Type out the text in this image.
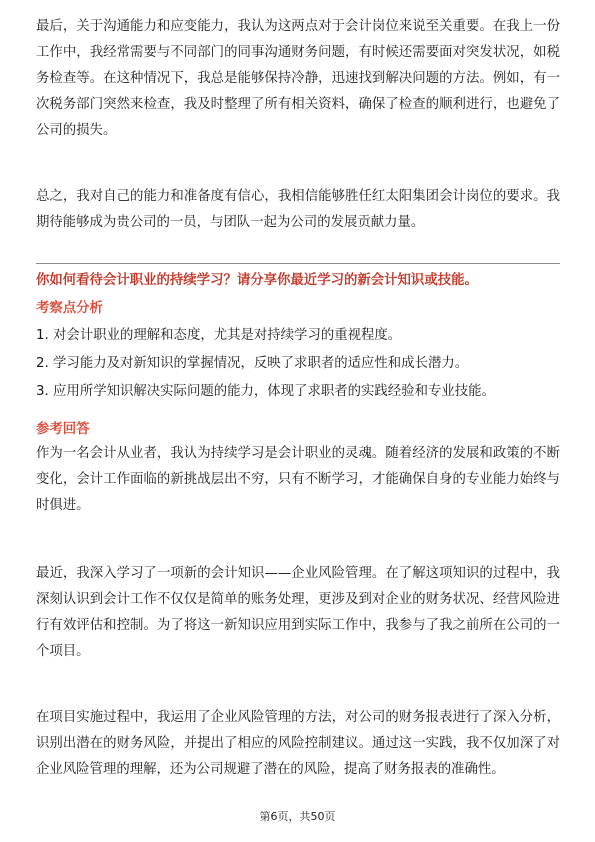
最后，关于沟通能力和应变能力，我认为这两点对于会计岗位来说至关重要。在我上一份工作中，我经常需要与不同部门的同事沟通财务问题，有时候还需要面对突发状况，如税务检查等。在这种情况下，我总是能够保持冷静，迅速找到解决问题的方法。例如，有一次税务部门突然来检查，我及时整理了所有相关资料，确保了检查的顺利进行，也避免了公司的损失。

总之，我对自己的能力和准备度有信心，我相信能够胜任红太阳集团会计岗位的要求。我期待能够成为贵公司的一员，与团队一起为公司的发展贡献力量。

你如何看待会计职业的持续学习？请分享你最近学习的新会计知识或技能。

考察点分析

1. 对会计职业的理解和态度，尤其是对持续学习的重视程度。

2. 学习能力及对新知识的掌握情况，反映了求职者的适应性和成长潜力。

3. 应用所学知识解决实际问题的能力，体现了求职者的实践经验和专业技能。

参考回答

作为一名会计从业者，我认为持续学习是会计职业的灵魂。随着经济的发展和政策的不断变化，会计工作面临的新挑战层出不穷，只有不断学习，才能确保自身的专业能力始终与时俱进。

最近，我深入学习了一项新的会计知识——企业风险管理。在了解这项知识的过程中，我深刻认识到会计工作不仅仅是简单的账务处理，更涉及到对企业的财务状况、经营风险进行有效评估和控制。为了将这一新知识应用到实际工作中，我参与了我之前所在公司的一个项目。

在项目实施过程中，我运用了企业风险管理的方法，对公司的财务报表进行了深入分析，识别出潜在的财务风险，并提出了相应的风险控制建议。通过这一实践，我不仅加深了对企业风险管理的理解，还为公司规避了潜在的风险，提高了财务报表的准确性。

第6页，共50页
